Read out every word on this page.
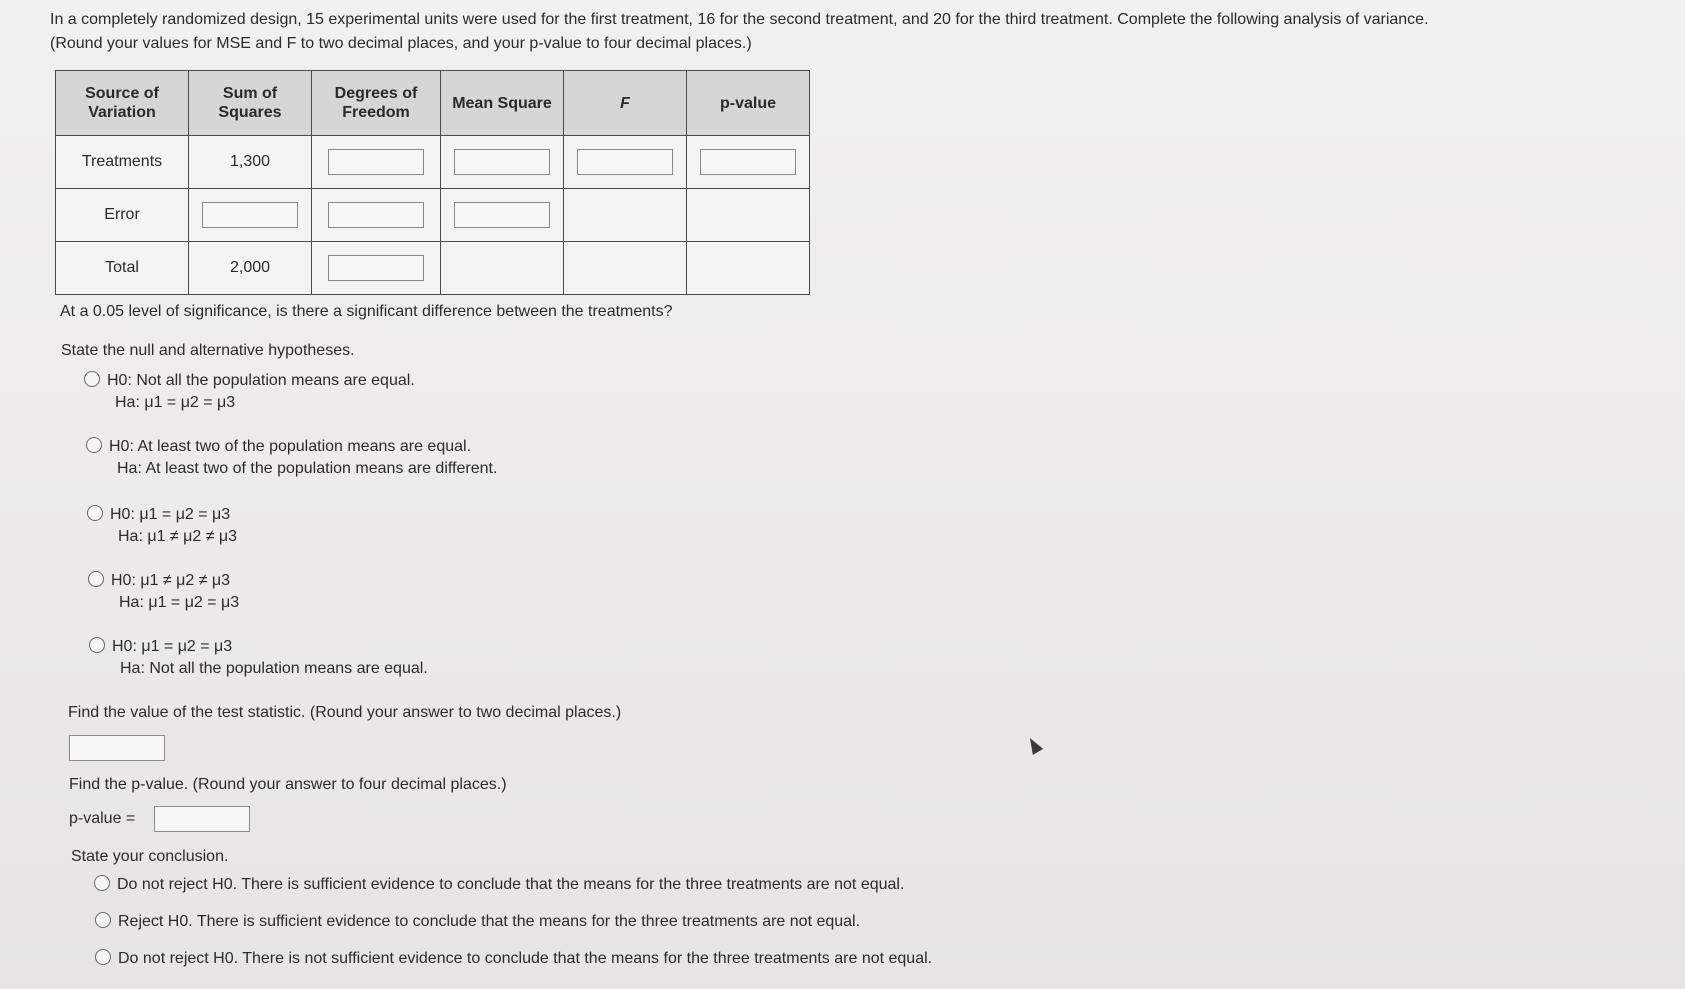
In a completely randomized design, 15 experimental units were used for the first treatment, 16 for the second treatment, and 20 for the third treatment. Complete the following analysis of variance.
(Round your values for MSE and F to two decimal places, and your p-value to four decimal places.)
Source of Variation	Sum of Squares	Degrees of Freedom	Mean Square	F	p-value
Treatments	1,300				
Error					
Total	2,000				
At a 0.05 level of significance, is there a significant difference between the treatments?
State the null and alternative hypotheses.
H0: Not all the population means are equal.
Ha: μ1 = μ2 = μ3
H0: At least two of the population means are equal.
Ha: At least two of the population means are different.
H0: μ1 = μ2 = μ3
Ha: μ1 ≠ μ2 ≠ μ3
H0: μ1 ≠ μ2 ≠ μ3
Ha: μ1 = μ2 = μ3
H0: μ1 = μ2 = μ3
Ha: Not all the population means are equal.
Find the value of the test statistic. (Round your answer to two decimal places.)
Find the p-value. (Round your answer to four decimal places.)
p-value =
State your conclusion.
Do not reject H0. There is sufficient evidence to conclude that the means for the three treatments are not equal.
Reject H0. There is sufficient evidence to conclude that the means for the three treatments are not equal.
Do not reject H0. There is not sufficient evidence to conclude that the means for the three treatments are not equal.
